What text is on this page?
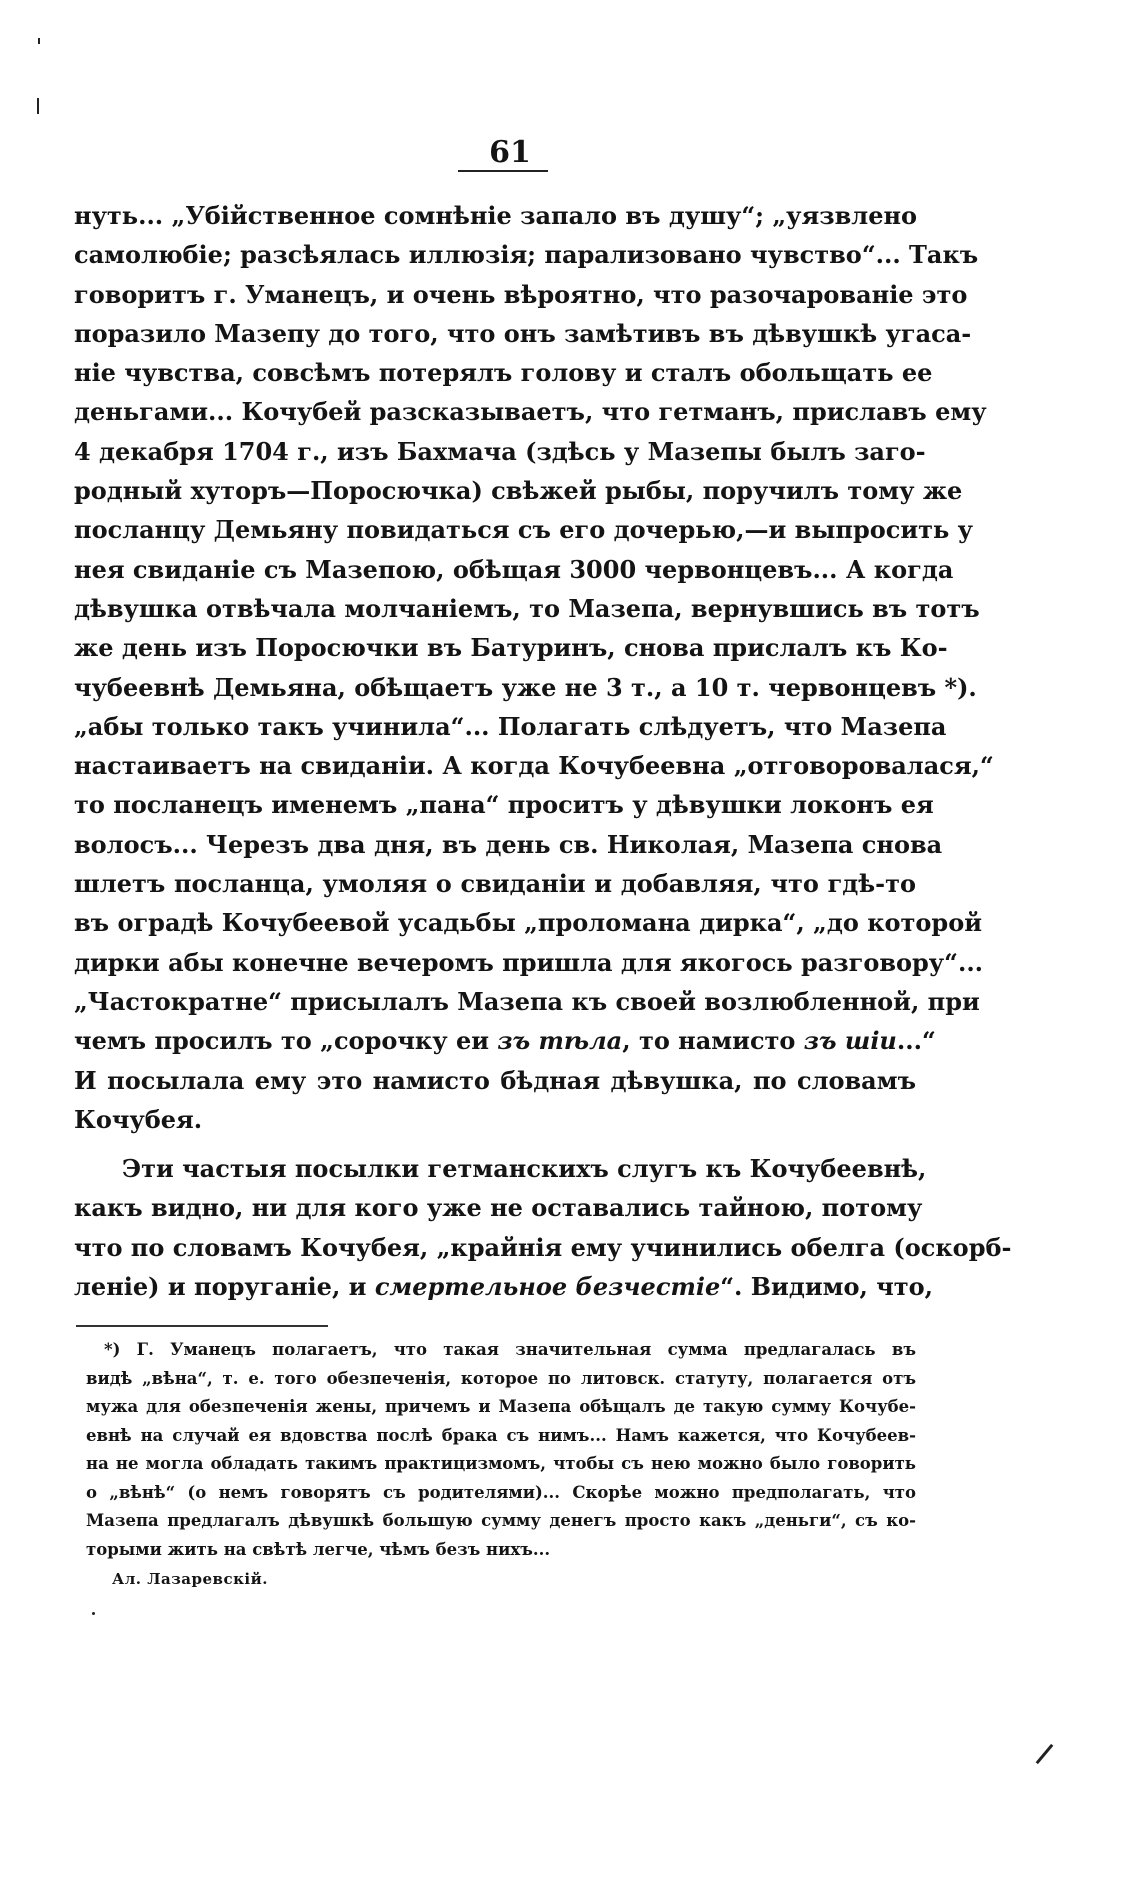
61
нуть... „Убійственное сомнѣніе запало въ душу“; „уязвлено
самолюбіе; разсѣялась иллюзія; парализовано чувство“... Такъ
говоритъ г. Уманецъ, и очень вѣроятно, что разочарованіе это
поразило Мазепу до того, что онъ замѣтивъ въ дѣвушкѣ угаса-
ніе чувства, совсѣмъ потерялъ голову и сталъ обольщать ее
деньгами... Кочубей разсказываетъ, что гетманъ, приславъ ему
4 декабря 1704 г., изъ Бахмача (здѣсь у Мазепы былъ заго-
родный хуторъ—Поросючка) свѣжей рыбы, поручилъ тому же
посланцу Демьяну повидаться съ его дочерью,—и выпросить у
нея свиданіе съ Мазепою, обѣщая 3000 червонцевъ... А когда
дѣвушка отвѣчала молчаніемъ, то Мазепа, вернувшись въ тотъ
же день изъ Поросючки въ Батуринъ, снова прислалъ къ Ко-
чубеевнѣ Демьяна, обѣщаетъ уже не 3 т., а 10 т. червонцевъ *).
„абы только такъ учинила“... Полагать слѣдуетъ, что Мазепа
настаиваетъ на свиданіи. А когда Кочубеевна „отговоровалася,“
то посланецъ именемъ „пана“ проситъ у дѣвушки локонъ ея
волосъ... Черезъ два дня, въ день св. Николая, Мазепа снова
шлетъ посланца, умоляя о свиданіи и добавляя, что гдѣ-то
въ оградѣ Кочубеевой усадьбы „проломана дирка“, „до которой
дирки абы конечне вечеромъ пришла для якогось разговору“...
„Частократне“ присылалъ Мазепа къ своей возлюбленной, при
чемъ просилъ то „сорочку еи зъ тѣла, то намисто зъ шіи...“
И посылала ему это намисто бѣдная дѣвушка, по словамъ
Кочубея.
Эти частыя посылки гетманскихъ слугъ къ Кочубеевнѣ,
какъ видно, ни для кого уже не оставались тайною, потому
что по словамъ Кочубея, „крайнія ему учинились обелга (оскорб-
леніе) и поруганіе, и смертельное безчестіе“. Видимо, что,
*) Г. Уманецъ полагаетъ, что такая значительная сумма предлагалась въ
видѣ „вѣна“, т. е. того обезпеченія, которое по литовск. статуту, полагается отъ
мужа для обезпеченія жены, причемъ и Мазепа обѣщалъ де такую сумму Кочубе-
евнѣ на случай ея вдовства послѣ брака съ нимъ... Намъ кажется, что Кочубеев-
на не могла обладать такимъ практицизмомъ, чтобы съ нею можно было говорить
о „вѣнѣ“ (о немъ говорятъ съ родителями)... Скорѣе можно предполагать, что
Мазепа предлагалъ дѣвушкѣ большую сумму денегъ просто какъ „деньги“, съ ко-
торыми жить на свѣтѣ легче, чѣмъ безъ нихъ...
Ал. Лазаревскій.
